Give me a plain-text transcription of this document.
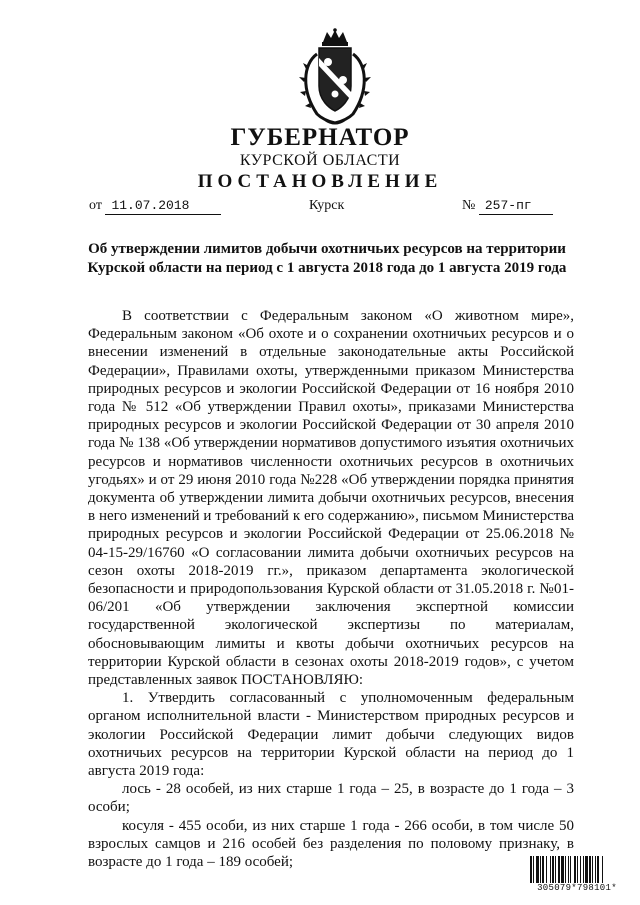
ГУБЕРНАТОР
КУРСКОЙ ОБЛАСТИ
ПОСТАНОВЛЕНИЕ
от 11.07.2018	Курск	№ 257-пг
Об утверждении лимитов добычи охотничьих ресурсов на территории Курской области на период с 1 августа 2018 года до 1 августа 2019 года

В соответствии с Федеральным законом «О животном мире», Федеральным законом «Об охоте и о сохранении охотничьих ресурсов и о внесении изменений в отдельные законодательные акты Российской Федерации», Правилами охоты, утвержденными приказом Министерства природных ресурсов и экологии Российской Федерации от 16 ноября 2010 года № 512 «Об утверждении Правил охоты», приказами Министерства природных ресурсов и экологии Российской Федерации от 30 апреля 2010 года № 138 «Об утверждении нормативов допустимого изъятия охотничьих ресурсов и нормативов численности охотничьих ресурсов в охотничьих угодьях» и от 29 июня 2010 года №228 «Об утверждении порядка принятия документа об утверждении лимита добычи охотничьих ресурсов, внесения в него изменений и требований к его содержанию», письмом Министерства природных ресурсов и экологии Российской Федерации от 25.06.2018 № 04-15-29/16760 «О согласовании лимита добычи охотничьих ресурсов на сезон охоты 2018-2019 гг.», приказом департамента экологической безопасности и природопользования Курской области от 31.05.2018 г. №01-06/201 «Об утверждении заключения экспертной комиссии государственной экологической экспертизы по материалам, обосновывающим лимиты и квоты добычи охотничьих ресурсов на территории Курской области в сезонах охоты 2018-2019 годов», с учетом представленных заявок ПОСТАНОВЛЯЮ:

1. Утвердить согласованный с уполномоченным федеральным органом исполнительной власти - Министерством природных ресурсов и экологии Российской Федерации лимит добычи следующих видов охотничьих ресурсов на территории Курской области на период до 1 августа 2019 года:

лось - 28 особей, из них старше 1 года – 25, в возрасте до 1 года – 3 особи;

косуля - 455 особи, из них старше 1 года - 266 особи, в том числе 50 взрослых самцов и 216 особей без разделения по половому признаку, в возрасте до 1 года – 189 особей;

305079*798101*
